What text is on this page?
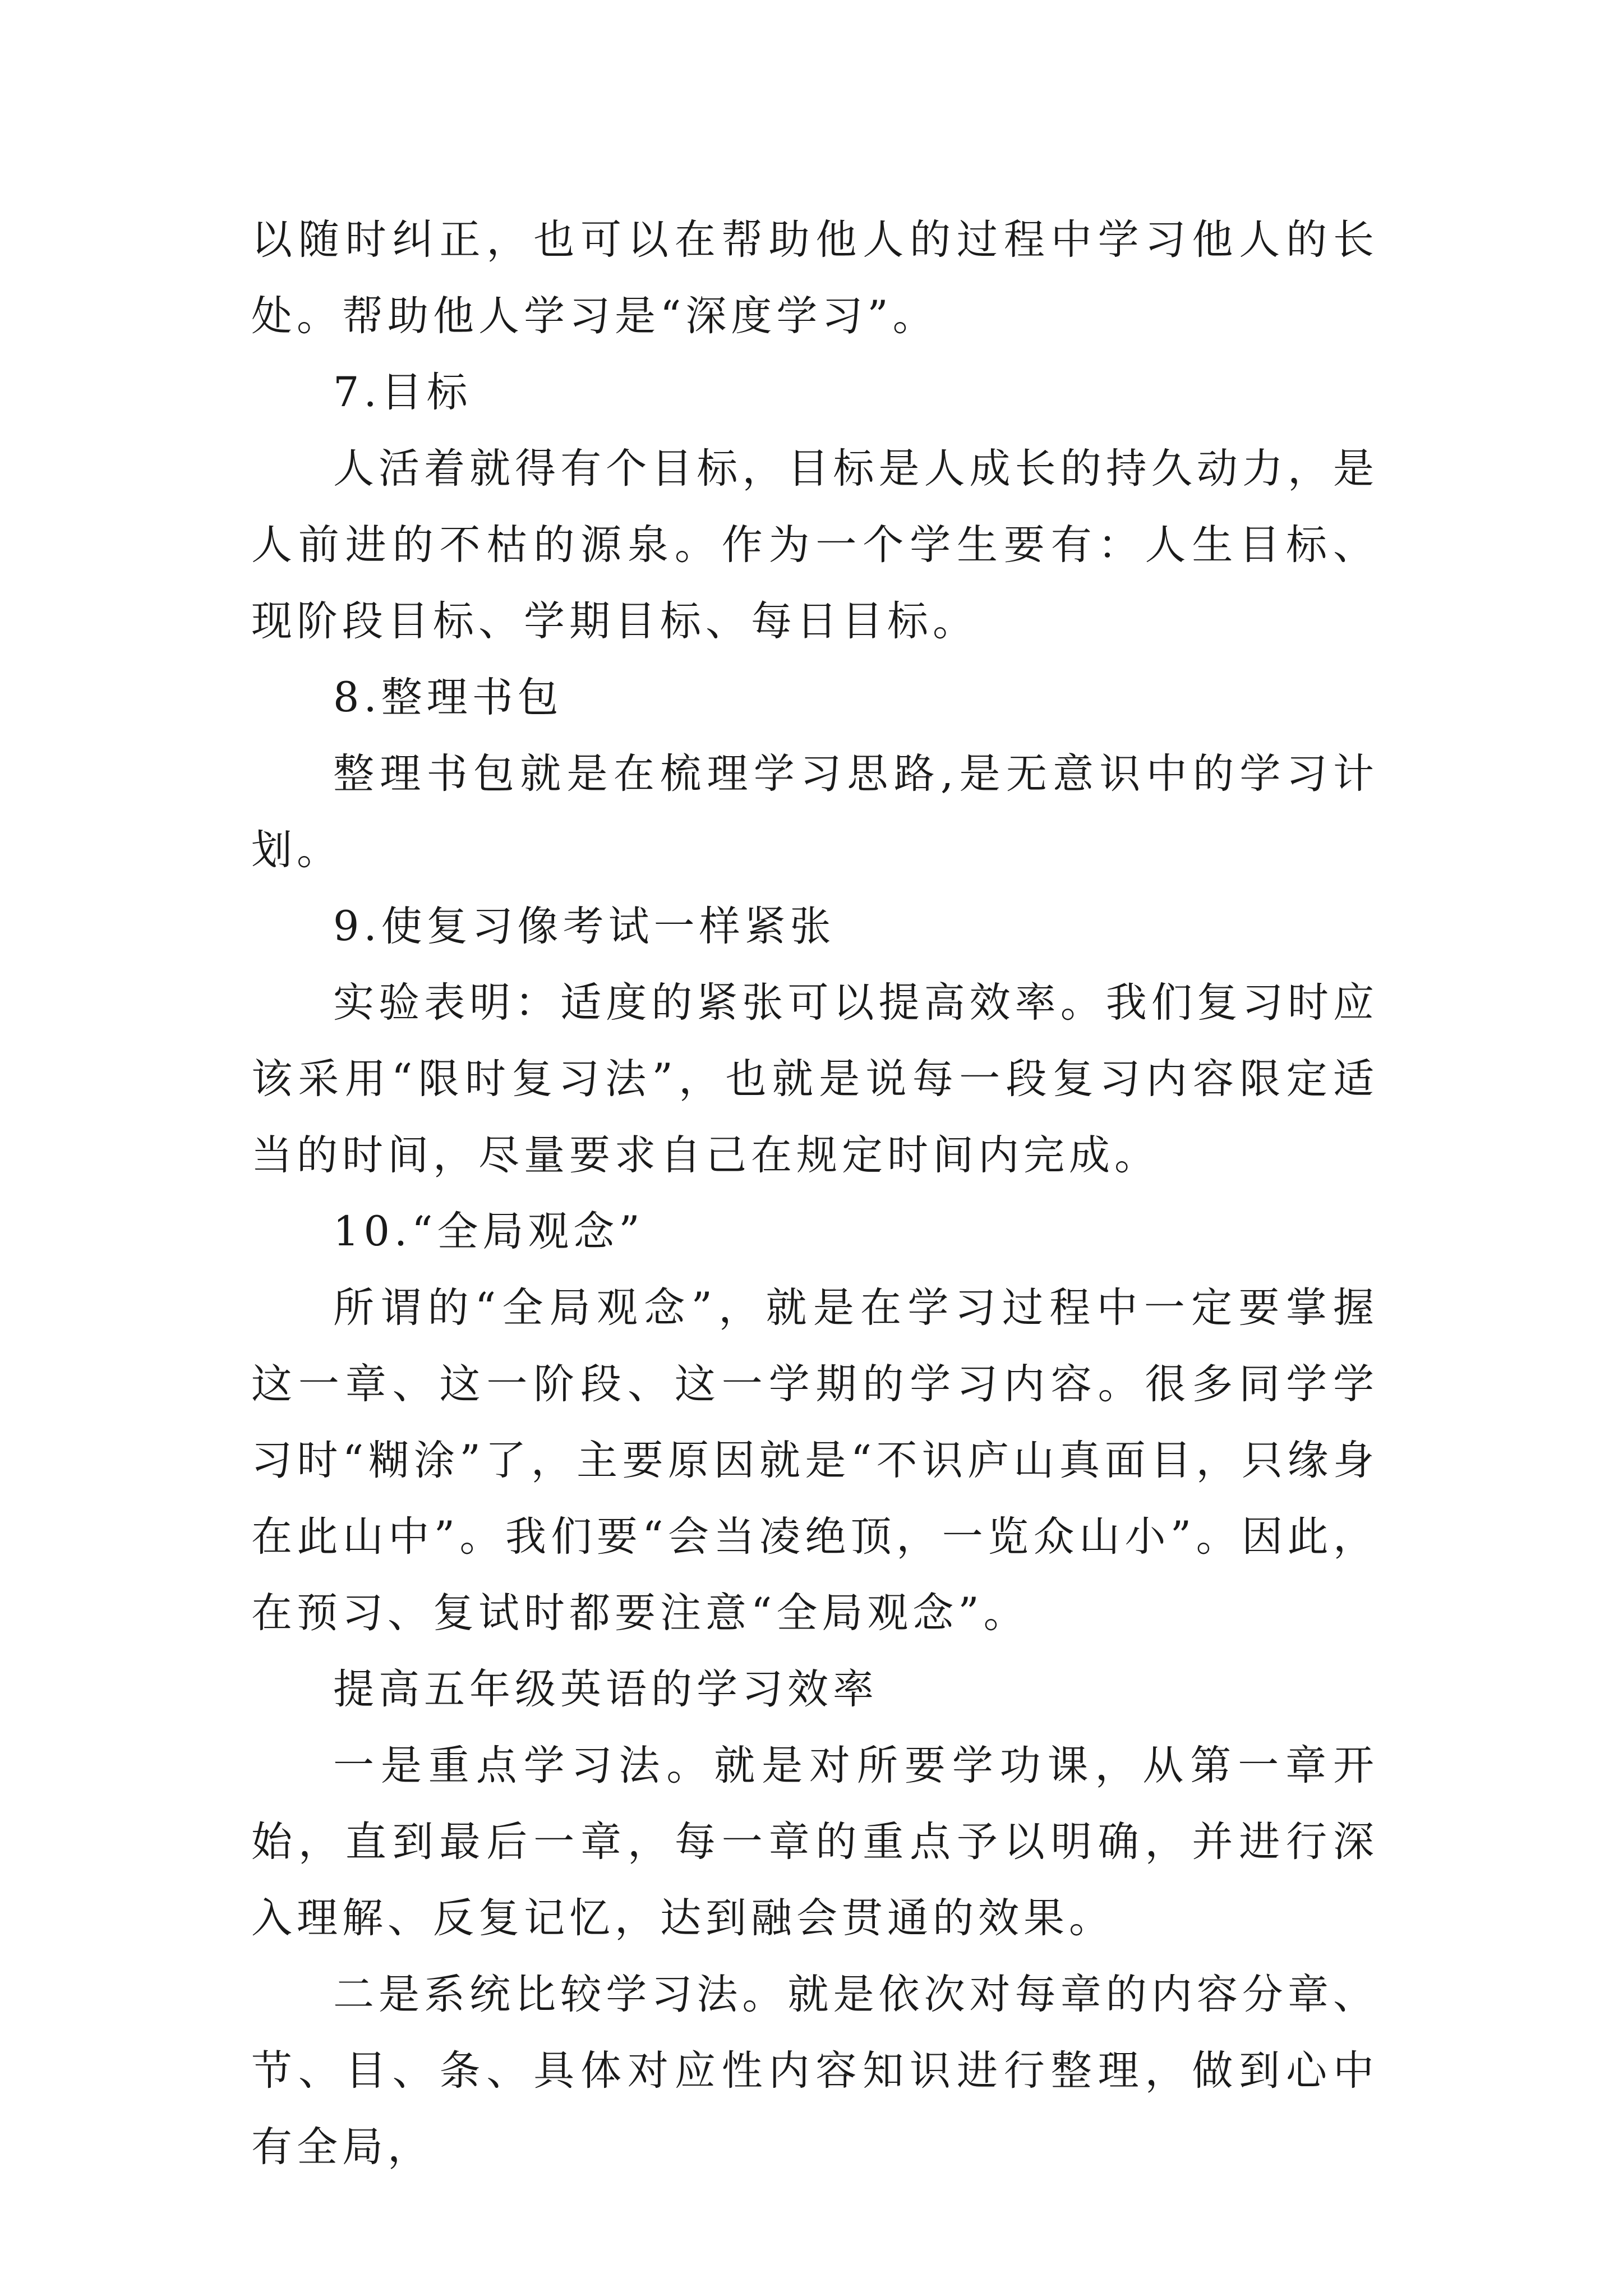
以随时纠正，也可以在帮助他人的过程中学习他人的长处。帮助他人学习是“深度学习”。

7.目标

人活着就得有个目标，目标是人成长的持久动力，是人前进的不枯的源泉。作为一个学生要有：人生目标、现阶段目标、学期目标、每日目标。

8.整理书包

整理书包就是在梳理学习思路,是无意识中的学习计划。

9.使复习像考试一样紧张

实验表明：适度的紧张可以提高效率。我们复习时应该采用“限时复习法”，也就是说每一段复习内容限定适当的时间，尽量要求自己在规定时间内完成。

10.“全局观念”

所谓的“全局观念”，就是在学习过程中一定要掌握这一章、这一阶段、这一学期的学习内容。很多同学学习时“糊涂”了，主要原因就是“不识庐山真面目，只缘身在此山中”。我们要“会当凌绝顶，一览众山小”。因此，在预习、复试时都要注意“全局观念”。

提高五年级英语的学习效率

一是重点学习法。就是对所要学功课，从第一章开始，直到最后一章，每一章的重点予以明确，并进行深入理解、反复记忆，达到融会贯通的效果。

二是系统比较学习法。就是依次对每章的内容分章、节、目、条、具体对应性内容知识进行整理，做到心中有全局，
